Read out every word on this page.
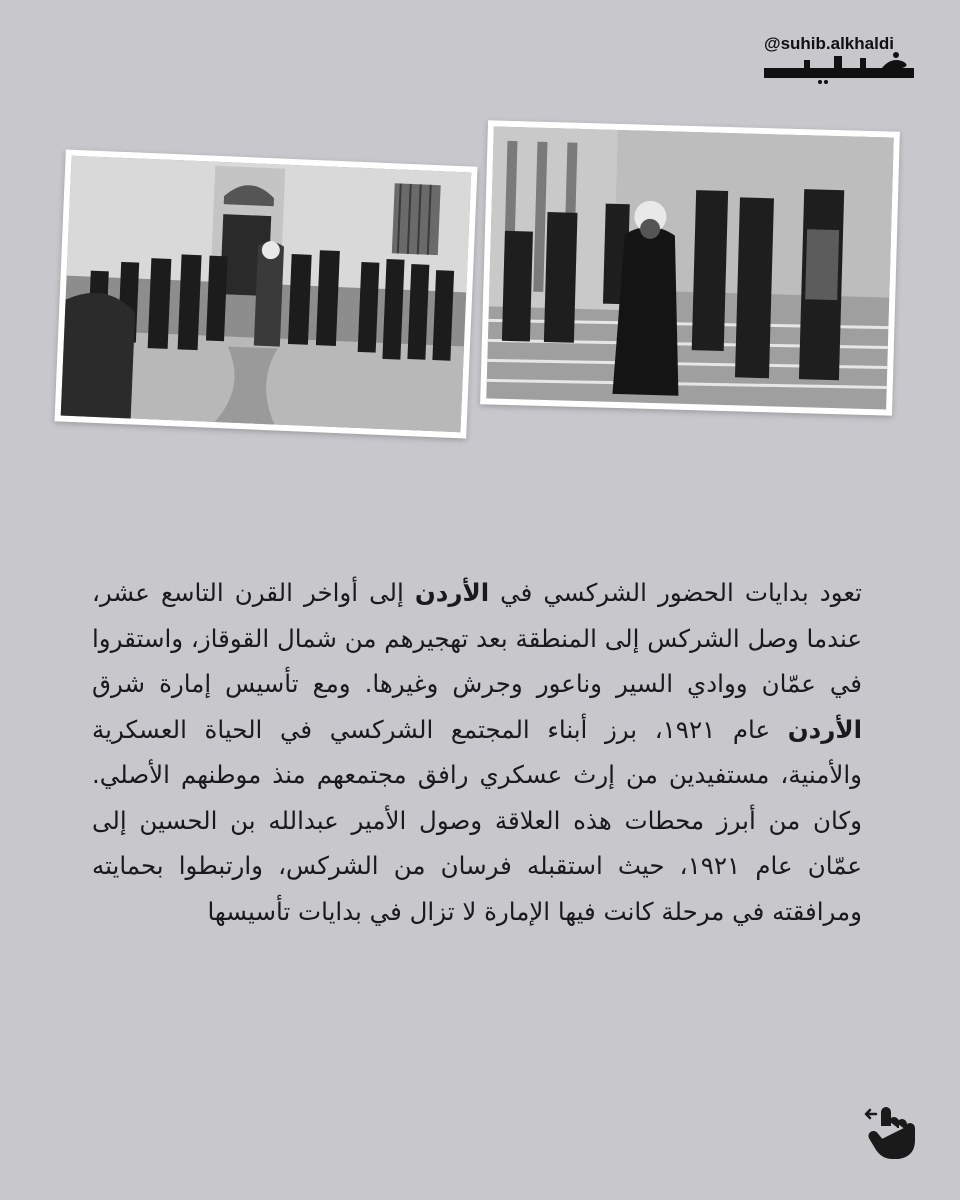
@suhib.alkhaldi

تعود بدايات الحضور الشركسي في الأردن إلى أواخر القرن التاسع عشر، عندما وصل الشركس إلى المنطقة بعد تهجيرهم من شمال القوقاز، واستقروا في عمّان ووادي السير وناعور وجرش وغيرها. ومع تأسيس إمارة شرق الأردن عام ١٩٢١، برز أبناء المجتمع الشركسي في الحياة العسكرية والأمنية، مستفيدين من إرث عسكري رافق مجتمعهم منذ موطنهم الأصلي. وكان من أبرز محطات هذه العلاقة وصول الأمير عبدالله بن الحسين إلى عمّان عام ١٩٢١، حيث استقبله فرسان من الشركس، وارتبطوا بحمايته ومرافقته في مرحلة كانت فيها الإمارة لا تزال في بدايات تأسيسها
